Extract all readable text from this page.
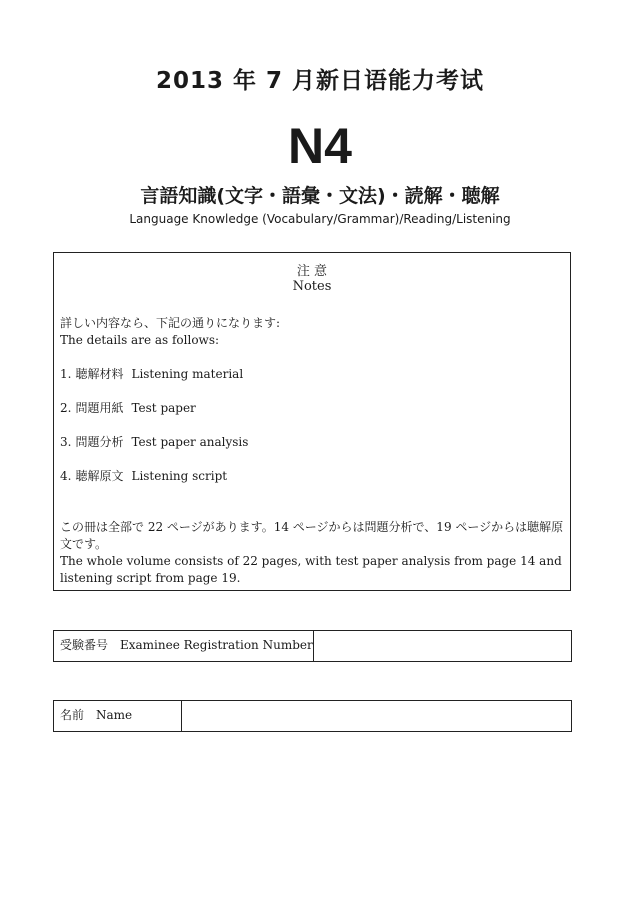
2013 年 7 月新日语能力考试
N4
言語知識(文字・語彙・文法)・読解・聴解
Language Knowledge (Vocabulary/Grammar)/Reading/Listening
注 意
Notes
詳しい内容なら、下記の通りになります:
The details are as follows:
1. 聴解材料 Listening material
2. 問題用紙 Test paper
3. 問題分析 Test paper analysis
4. 聴解原文 Listening script

この冊は全部で 22 ページがあります。14 ページからは問題分析で、19 ページからは聴解原文です。

The whole volume consists of 22 pages, with test paper analysis from page 14 and listening script from page 19.

受験番号　Examinee Registration Number
名前　Name
